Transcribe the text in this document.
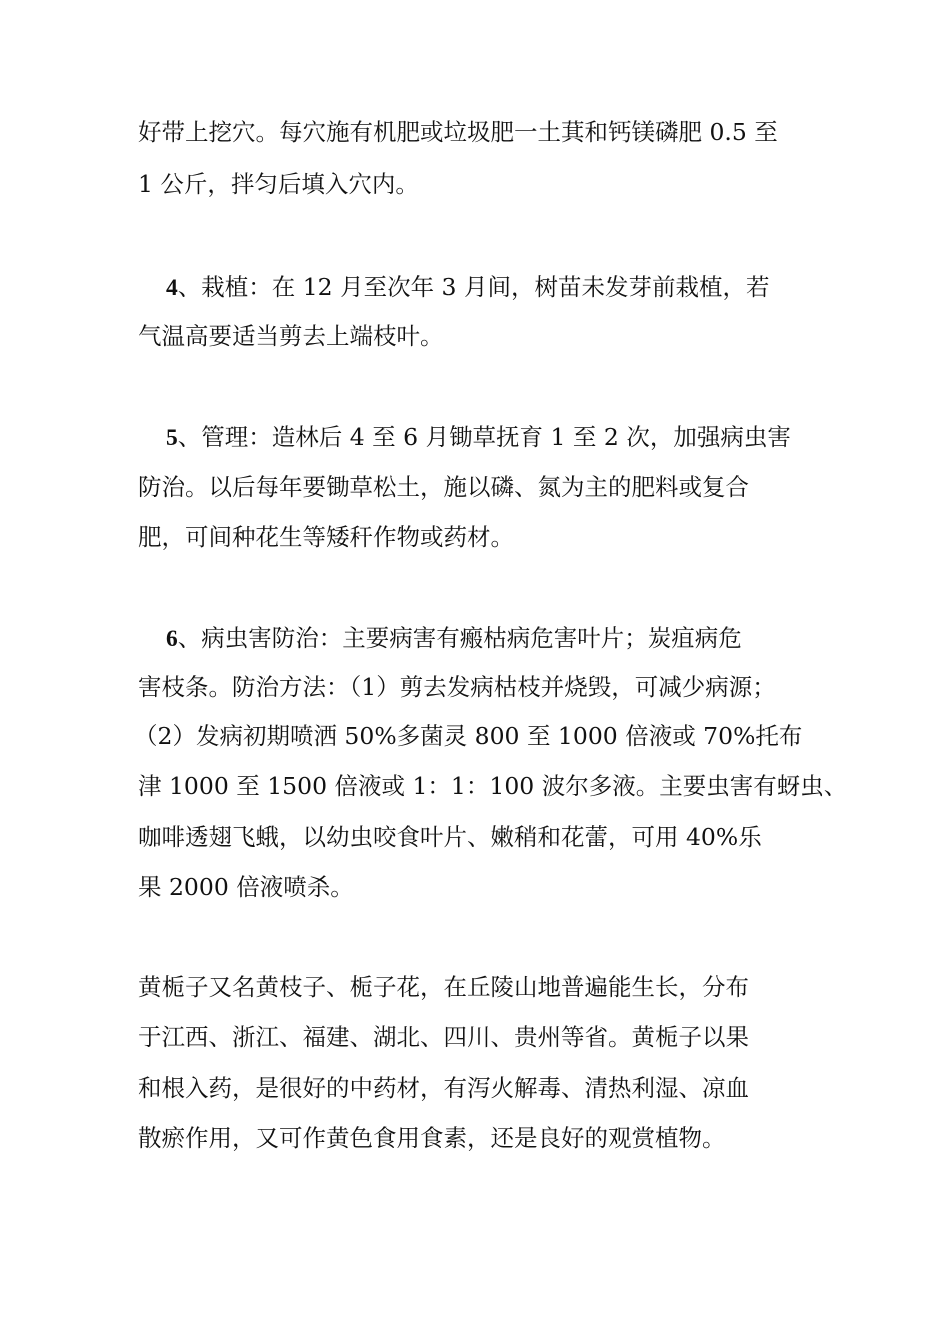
好带上挖穴。每穴施有机肥或垃圾肥一土萁和钙镁磷肥 0.5 至
1 公斤，拌匀后填入穴内。
4、栽植：在 12 月至次年 3 月间，树苗未发芽前栽植，若
气温高要适当剪去上端枝叶。
5、管理：造林后 4 至 6 月锄草抚育 1 至 2 次，加强病虫害
防治。以后每年要锄草松土，施以磷、氮为主的肥料或复合
肥，可间种花生等矮秆作物或药材。
6、病虫害防治：主要病害有瘢枯病危害叶片；炭疽病危
害枝条。防治方法：（1）剪去发病枯枝并烧毁，可减少病源；
（2）发病初期喷洒 50%多菌灵 800 至 1000 倍液或 70%托布
津 1000 至 1500 倍液或 1：1：100 波尔多液。主要虫害有蚜虫、
咖啡透翅飞蛾，以幼虫咬食叶片、嫩稍和花蕾，可用 40%乐
果 2000 倍液喷杀。
黄栀子又名黄枝子、栀子花，在丘陵山地普遍能生长，分布
于江西、浙江、福建、湖北、四川、贵州等省。黄栀子以果
和根入药，是很好的中药材，有泻火解毒、清热利湿、凉血
散瘀作用，又可作黄色食用食素，还是良好的观赏植物。
